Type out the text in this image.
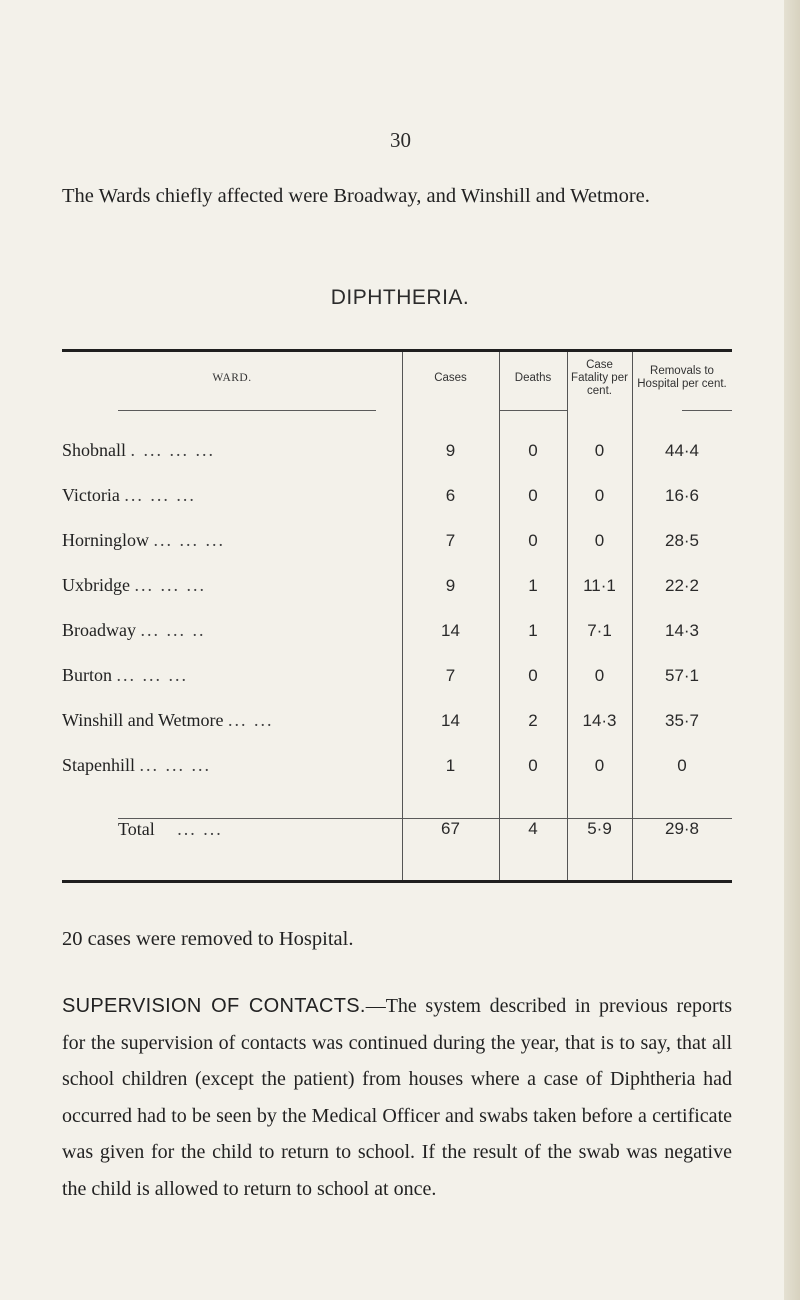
30

The Wards chiefly affected were Broadway, and Winshill and Wetmore.

DIPHTHERIA.
WARD.	Cases	Deaths	Case Fatality per cent.	Removals to Hospital per cent.
Shobnall . ... ... ...	9	0	0	44·4
Victoria ... ... ...	6	0	0	16·6
Horninglow ... ... ...	7	0	0	28·5
Uxbridge ... ... ...	9	1	11·1	22·2
Broadway ... ... ..	14	1	7·1	14·3
Burton ... ... ...	7	0	0	57·1
Winshill and Wetmore ... ...	14	2	14·3	35·7
Stapenhill ... ... ...	1	0	0	0
Total ... ...	67	4	5·9	29·8

20 cases were removed to Hospital.

SUPERVISION OF CONTACTS.—The system described in previous reports for the supervision of contacts was continued during the year, that is to say, that all school children (except the patient) from houses where a case of Diphtheria had occurred had to be seen by the Medical Officer and swabs taken before a certificate was given for the child to return to school. If the result of the swab was negative the child is allowed to return to school at once.
